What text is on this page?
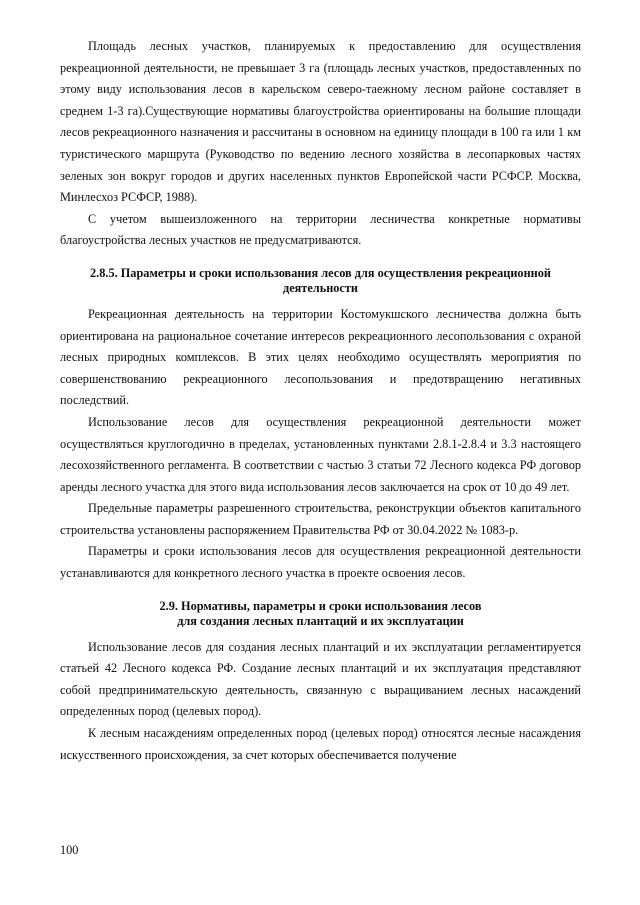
Площадь лесных участков, планируемых к предоставлению для осуществления рекреационной деятельности, не превышает 3 га (площадь лесных участков, предоставленных по этому виду использования лесов в карельском северо-таежному лесном районе составляет в среднем 1-3 га).Существующие нормативы благоустройства ориентированы на большие площади лесов рекреационного назначения и рассчитаны в основном на единицу площади в 100 га или 1 км туристического маршрута (Руководство по ведению лесного хозяйства в лесопарковых частях зеленых зон вокруг городов и других населенных пунктов Европейской части РСФСР. Москва, Минлесхоз РСФСР, 1988).

С учетом вышеизложенного на территории лесничества конкретные нормативы благоустройства лесных участков не предусматриваются.

2.8.5. Параметры и сроки использования лесов для осуществления рекреационной
деятельности

Рекреационная деятельность на территории Костомукшского лесничества должна быть ориентирована на рациональное сочетание интересов рекреационного лесопользования с охраной лесных природных комплексов. В этих целях необходимо осуществлять мероприятия по совершенствованию рекреационного лесопользования и предотвращению негативных последствий.

Использование лесов для осуществления рекреационной деятельности может осуществляться круглогодично в пределах, установленных пунктами 2.8.1-2.8.4 и 3.3 настоящего лесохозяйственного регламента. В соответствии с частью 3 статьи 72 Лесного кодекса РФ договор аренды лесного участка для этого вида использования лесов заключается на срок от 10 до 49 лет.

Предельные параметры разрешенного строительства, реконструкции объектов капитального строительства установлены распоряжением Правительства РФ от 30.04.2022 № 1083-р.

Параметры и сроки использования лесов для осуществления рекреационной деятельности устанавливаются для конкретного лесного участка в проекте освоения лесов.

2.9. Нормативы, параметры и сроки использования лесов
для создания лесных плантаций и их эксплуатации

Использование лесов для создания лесных плантаций и их эксплуатации регламентируется статьей 42 Лесного кодекса РФ. Создание лесных плантаций и их эксплуатация представляют собой предпринимательскую деятельность, связанную с выращиванием лесных насаждений определенных пород (целевых пород).

К лесным насаждениям определенных пород (целевых пород) относятся лесные насаждения искусственного происхождения, за счет которых обеспечивается получение

100
